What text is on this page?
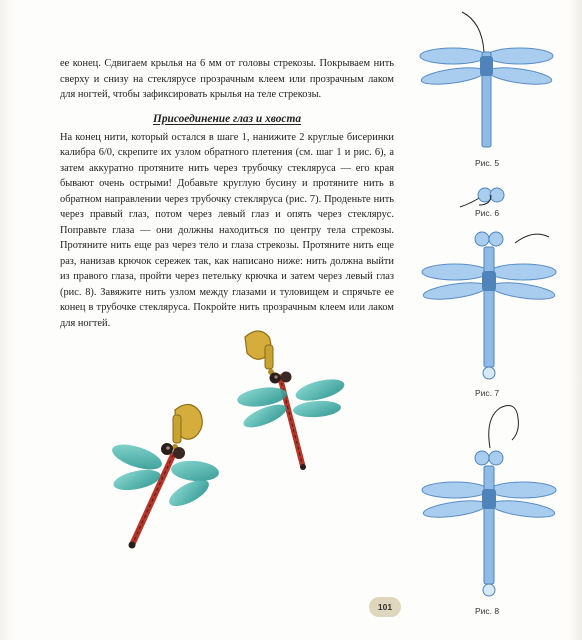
ее конец. Сдвигаем крылья на 6 мм от головы стрекозы. Покрываем нить сверху и снизу на стеклярусе прозрачным клеем или прозрачным лаком для ногтей, чтобы зафиксировать крылья на теле стрекозы.

Присоединение глаз и хвоста

На конец нити, который остался в шаге 1, нанижите 2 круглые бисеринки калибра 6/0, скрепите их узлом обратного плетения (см. шаг 1 и рис. 6), а затем аккуратно протяните нить через трубочку стекляруса — его края бывают очень острыми! Добавьте круглую бусину и протяните нить в обратном направлении через трубочку стекляруса (рис. 7). Проденьте нить через правый глаз, потом через левый глаз и опять через стеклярус. Поправьте глаза — они должны находиться по центру тела стрекозы. Протяните нить еще раз через тело и глаза стрекозы. Протяните нить еще раз, нанизав крючок сережек так, как написано ниже: нить должна выйти из правого глаза, пройти через петельку крючка и затем через левый глаз (рис. 8). Завяжите нить узлом между глазами и туловищем и спрячьте ее конец в трубочке стекляруса. Покройте нить прозрачным клеем или лаком для ногтей.

Рис. 5
Рис. 6
Рис. 7
Рис. 8
101
